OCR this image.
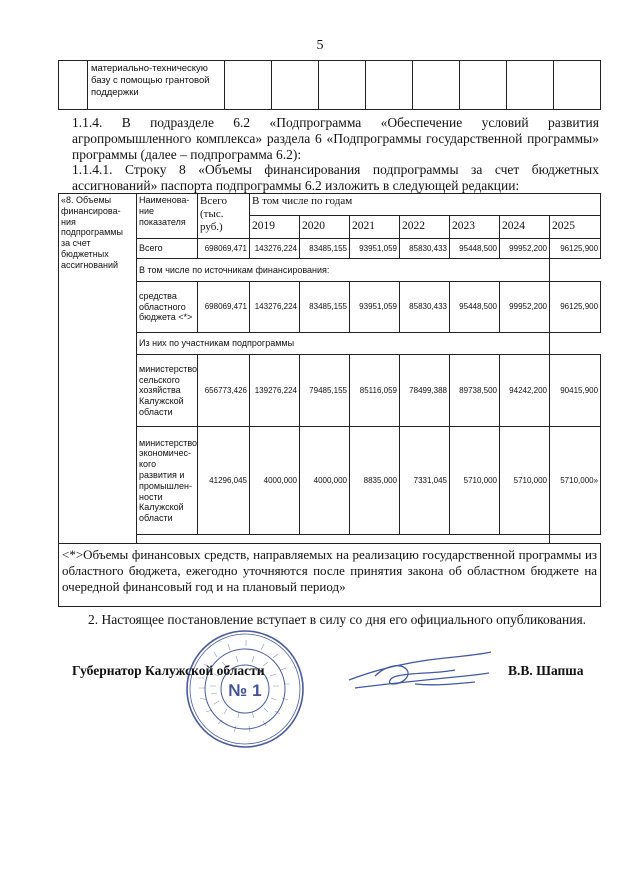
5
	материально-техническую базу с помощью грантовой поддержки								
1.1.4. В подразделе 6.2 «Подпрограмма «Обеспечение условий развития агропромышленного комплекса» раздела 6 «Подпрограммы государственной программы» программы (далее – подпрограмма 6.2):
1.1.4.1. Строку 8 «Объемы финансирования подпрограммы за счет бюджетных ассигнований» паспорта подпрограммы 6.2 изложить в следующей редакции:
«8. Объемы финансирова-ния подпрограммы за счет бюджетных ассигнований	Наименова-ние показателя	Всего (тыс. руб.)	В том числе по годам						
			2019	2020	2021	2022	2023	2024	2025
	Всего	698069,471	143276,224	83485,155	93951,059	85830,433	95448,500	99952,200	96125,900
	В том числе по источникам финансирования:								
	средства областного бюджета <*>	698069,471	143276,224	83485,155	93951,059	85830,433	95448,500	99952,200	96125,900
	Из них по участникам подпрограммы								
	министерство сельского хозяйства Калужской области	656773,426	139276,224	79485,155	85116,059	78499,388	89738,500	94242,200	90415,900
	министерство экономичес-кого развития и промышлен-ности Калужской области	41296,045	4000,000	4000,000	8835,000	7331,045	5710,000	5710,000	5710,000»

<*>Объемы финансовых средств, направляемых на реализацию государственной программы из областного бюджета, ежегодно уточняются после принятия закона об областном бюджете на очередной финансовый год и на плановый период»									
2. Настоящее постановление вступает в силу со дня его официального опубликования.
№ 1
Губернатор Калужской области	В.В. Шапша
